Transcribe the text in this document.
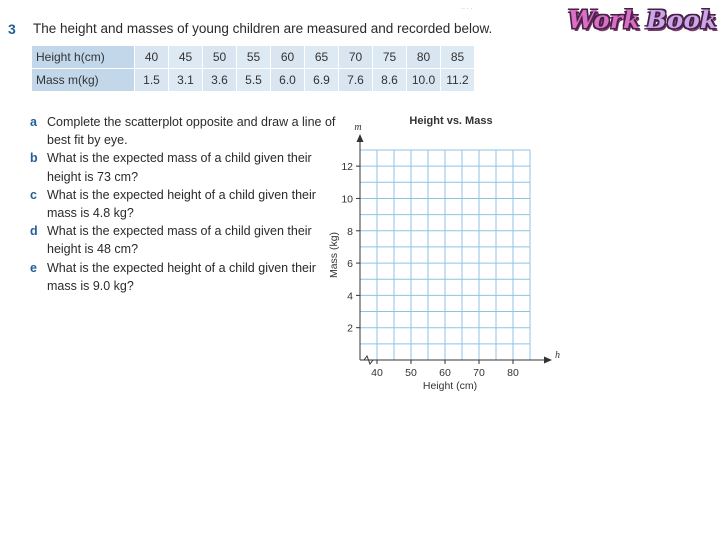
3 The height and masses of young children are measured and recorded below.
·· · ·	Work Book
Height h(cm)	40	45	50	55	60	65	70	75	80	85
Mass m(kg)	1.5	3.1	3.6	5.5	6.0	6.9	7.6	8.6	10.0	11.2
a Complete the scatterplot opposite and draw a line of best fit by eye.
b What is the expected mass of a child given their height is 73 cm?
c What is the expected height of a child given their mass is 4.8 kg?
d What is the expected mass of a child given their height is 48 cm?
e What is the expected height of a child given their mass is 9.0 kg?
40 50 60 70 80
2
4
6
8
10
12
Height vs. Mass
m
h
Height (cm)
Mass (kg)
